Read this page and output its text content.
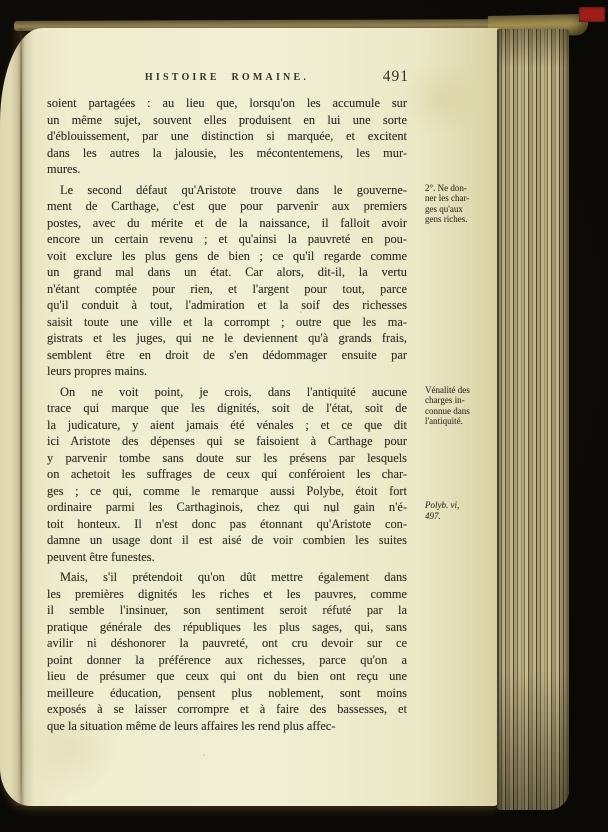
HISTOIRE ROMAINE.	491
soient partagées : au lieu que, lorsqu'on les accumule sur
un même sujet, souvent elles produisent en lui une sorte
d'éblouissement, par une distinction si marquée, et excitent
dans les autres la jalousie, les mécontentemens, les mur-
mures.
Le second défaut qu'Aristote trouve dans le gouverne-
ment de Carthage, c'est que pour parvenir aux premiers
postes, avec du mérite et de la naissance, il falloit avoir
encore un certain revenu ; et qu'ainsi la pauvreté en pou-
voit exclure les plus gens de bien ; ce qu'il regarde comme
un grand mal dans un état. Car alors, dit-il, la vertu
n'étant comptée pour rien, et l'argent pour tout, parce
qu'il conduit à tout, l'admiration et la soif des richesses
saisit toute une ville et la corrompt ; outre que les ma-
gistrats et les juges, qui ne le deviennent qu'à grands frais,
semblent être en droit de s'en dédommager ensuite par
leurs propres mains.
2°. Ne don-
ner les char-
ges qu'aux
gens riches.
On ne voit point, je crois, dans l'antiquité aucune
trace qui marque que les dignités, soit de l'état, soit de
la judicature, y aient jamais été vénales ; et ce que dit
ici Aristote des dépenses qui se faisoient à Carthage pour
y parvenir tombe sans doute sur les présens par lesquels
on achetoit les suffrages de ceux qui conféroient les char-
ges ; ce qui, comme le remarque aussi Polybe, étoit fort
ordinaire parmi les Carthaginois, chez qui nul gain n'é-
toit honteux. Il n'est donc pas étonnant qu'Aristote con-
damne un usage dont il est aisé de voir combien les suites
peuvent être funestes.
Vénalité des
charges in-
connue dans
l'antiquité.
Polyb. vi,
497.
Mais, s'il prétendoit qu'on dût mettre également dans
les premières dignités les riches et les pauvres, comme
il semble l'insinuer, son sentiment seroit réfuté par la
pratique générale des républiques les plus sages, qui, sans
avilir ni déshonorer la pauvreté, ont cru devoir sur ce
point donner la préférence aux richesses, parce qu'on a
lieu de présumer que ceux qui ont du bien ont reçu une
meilleure éducation, pensent plus noblement, sont moins
exposés à se laisser corrompre et à faire des bassesses, et
que la situation même de leurs affaires les rend plus affec-
